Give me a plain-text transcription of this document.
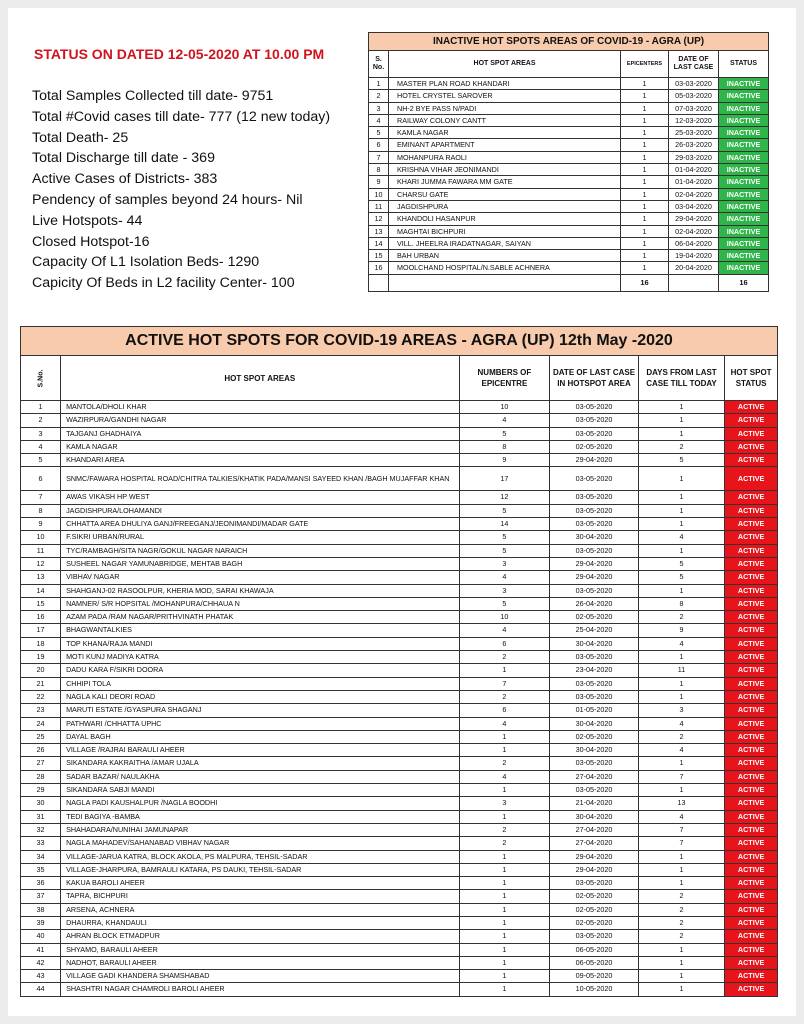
STATUS ON DATED 12-05-2020 AT 10.00 PM
Total Samples Collected till date- 9751
Total #Covid cases till date- 777 (12 new today)
Total Death- 25
Total Discharge till date - 369
Active Cases of Districts- 383
Pendency of samples beyond 24 hours- Nil
Live Hotspots- 44
Closed Hotspot-16
Capacity Of L1 Isolation Beds- 1290
Capicity Of Beds in L2 facility Center- 100
INACTIVE HOT SPOTS AREAS OF COVID-19 - AGRA (UP)				
S. No.	HOT SPOT AREAS	EPICENTERS	DATE OF LAST CASE	STATUS
1	MASTER PLAN ROAD KHANDARI	1	03-03-2020	INACTIVE
2	HOTEL CRYSTEL SAROVER	1	05-03-2020	INACTIVE
3	NH-2 BYE PASS N/PADI	1	07-03-2020	INACTIVE
4	RAILWAY COLONY CANTT	1	12-03-2020	INACTIVE
5	KAMLA NAGAR	1	25-03-2020	INACTIVE
6	EMINANT APARTMENT	1	26-03-2020	INACTIVE
7	MOHANPURA RAOLI	1	29-03-2020	INACTIVE
8	KRISHNA VIHAR JEONIMANDI	1	01-04-2020	INACTIVE
9	KHARI JUMMA FAWARA MM GATE	1	01-04-2020	INACTIVE
10	CHARSU GATE	1	02-04-2020	INACTIVE
11	JAGDISHPURA	1	03-04-2020	INACTIVE
12	KHANDOLI HASANPUR	1	29-04-2020	INACTIVE
13	MAGHTAI BICHPURI	1	02-04-2020	INACTIVE
14	VILL. JHEELRA IRADATNAGAR, SAIYAN	1	06-04-2020	INACTIVE
15	BAH URBAN	1	19-04-2020	INACTIVE
16	MOOLCHAND HOSPITAL/N.SABLE ACHNERA	1	20-04-2020	INACTIVE
		16		16
ACTIVE HOT SPOTS FOR COVID-19 AREAS - AGRA (UP) 12th May -2020					
S.No.	HOT SPOT AREAS	NUMBERS OF EPICENTRE	DATE OF LAST CASE IN HOTSPOT AREA	DAYS FROM LAST CASE TILL TODAY	HOT SPOT STATUS
1	MANTOLA/DHOLI KHAR	10	03-05-2020	1	ACTIVE
2	WAZIRPURA/GANDHI NAGAR	4	03-05-2020	1	ACTIVE
3	TAJGANJ GHADHAIYA	5	03-05-2020	1	ACTIVE
4	KAMLA NAGAR	8	02-05-2020	2	ACTIVE
5	KHANDARI AREA	9	29-04-2020	5	ACTIVE
6	SNMC/FAWARA HOSPITAL ROAD/CHITRA TALKIES/KHATIK PADA/MANSI SAYEED KHAN /BAGH MUJAFFAR KHAN	17	03-05-2020	1	ACTIVE
7	AWAS VIKASH HP WEST	12	03-05-2020	1	ACTIVE
8	JAGDISHPURA/LOHAMANDI	5	03-05-2020	1	ACTIVE
9	CHHATTA AREA DHULIYA GANJ/FREEGANJ/JEONIMANDI/MADAR GATE	14	03-05-2020	1	ACTIVE
10	F.SIKRI URBAN/RURAL	5	30-04-2020	4	ACTIVE
11	TYC/RAMBAGH/SITA NAGR/GOKUL NAGAR NARAICH	5	03-05-2020	1	ACTIVE
12	SUSHEEL NAGAR YAMUNABRIDGE, MEHTAB BAGH	3	29-04-2020	5	ACTIVE
13	VIBHAV NAGAR	4	29-04-2020	5	ACTIVE
14	SHAHGANJ-02 RASOOLPUR, KHERIA MOD, SARAI KHAWAJA	3	03-05-2020	1	ACTIVE
15	NAMNER/ S/R HOPSITAL /MOHANPURA/CHHAUA N	5	26-04-2020	8	ACTIVE
16	AZAM PADA /RAM NAGAR/PRITHVINATH PHATAK	10	02-05-2020	2	ACTIVE
17	BHAGWANTALKIES	4	25-04-2020	9	ACTIVE
18	TOP KHANA/RAJA MANDI	6	30-04-2020	4	ACTIVE
19	MOTI KUNJ MADIYA KATRA	2	03-05-2020	1	ACTIVE
20	DADU KARA F/SIKRI DOORA	1	23-04-2020	11	ACTIVE
21	CHHIPI TOLA	7	03-05-2020	1	ACTIVE
22	NAGLA KALI DEORI ROAD	2	03-05-2020	1	ACTIVE
23	MARUTI ESTATE /GYASPURA SHAGANJ	6	01-05-2020	3	ACTIVE
24	PATHWARI /CHHATTA UPHC	4	30-04-2020	4	ACTIVE
25	DAYAL BAGH	1	02-05-2020	2	ACTIVE
26	VILLAGE /RAJRAI BARAULI AHEER	1	30-04-2020	4	ACTIVE
27	SIKANDARA KAKRAITHA /AMAR UJALA	2	03-05-2020	1	ACTIVE
28	SADAR BAZAR/ NAULAKHA	4	27-04-2020	7	ACTIVE
29	SIKANDARA SABJI MANDI	1	03-05-2020	1	ACTIVE
30	NAGLA PADI KAUSHALPUR /NAGLA BOODHI	3	21-04-2020	13	ACTIVE
31	TEDI BAGIYA -BAMBA	1	30-04-2020	4	ACTIVE
32	SHAHADARA/NUNIHAI JAMUNAPAR	2	27-04-2020	7	ACTIVE
33	NAGLA MAHADEV/SAHANABAD VIBHAV NAGAR	2	27-04-2020	7	ACTIVE
34	VILLAGE-JARUA KATRA, BLOCK AKOLA, PS MALPURA, TEHSIL-SADAR	1	29-04-2020	1	ACTIVE
35	VILLAGE-JHARPURA, BAMRAULI KATARA, PS DAUKI, TEHSIL-SADAR	1	29-04-2020	1	ACTIVE
36	KAKUA BAROLI AHEER	1	03-05-2020	1	ACTIVE
37	TAPRA, BICHPURI	1	02-05-2020	2	ACTIVE
38	ARSENA, ACHNERA	1	02-05-2020	2	ACTIVE
39	DHAURRA, KHANDAULI	1	02-05-2020	2	ACTIVE
40	AHRAN BLOCK ETMADPUR	1	03-05-2020	2	ACTIVE
41	SHYAMO, BARAULI AHEER	1	06-05-2020	1	ACTIVE
42	NADHOT, BARAULI AHEER	1	06-05-2020	1	ACTIVE
43	VILLAGE GADI KHANDERA SHAMSHABAD	1	09-05-2020	1	ACTIVE
44	SHASHTRI NAGAR CHAMROLI BAROLI AHEER	1	10-05-2020	1	ACTIVE
